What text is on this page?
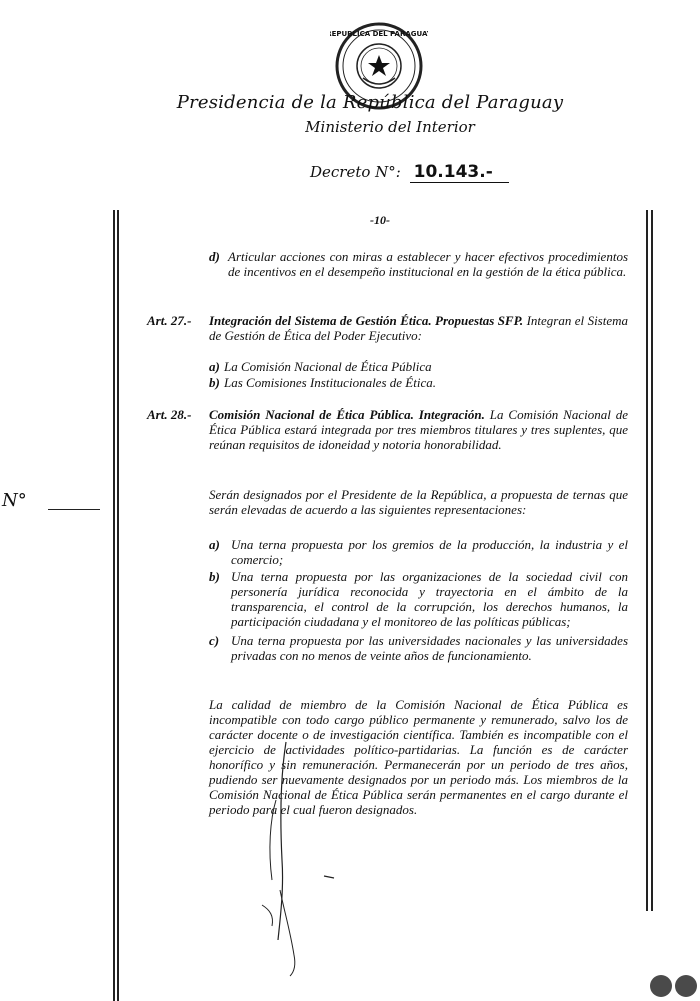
REPUBLICA DEL PARAGUAY
Presidencia de la República del Paraguay
Ministerio del Interior
Decreto N°: 10.143.-
-10-
N°
d) Articular acciones con miras a establecer y hacer efectivos procedimientos de incentivos en el desempeño institucional en la gestión de la ética pública.
Art. 27.- Integración del Sistema de Gestión Ética. Propuestas SFP. Integran el Sistema de Gestión de Ética del Poder Ejecutivo:
a) La Comisión Nacional de Ética Pública
b) Las Comisiones Institucionales de Ética.
Art. 28.- Comisión Nacional de Ética Pública. Integración. La Comisión Nacional de Ética Pública estará integrada por tres miembros titulares y tres suplentes, que reúnan requisitos de idoneidad y notoria honorabilidad.
Serán designados por el Presidente de la República, a propuesta de ternas que serán elevadas de acuerdo a las siguientes representaciones:
a) Una terna propuesta por los gremios de la producción, la industria y el comercio;
b) Una terna propuesta por las organizaciones de la sociedad civil con personería jurídica reconocida y trayectoria en el ámbito de la transparencia, el control de la corrupción, los derechos humanos, la participación ciudadana y el monitoreo de las políticas públicas;
c) Una terna propuesta por las universidades nacionales y las universidades privadas con no menos de veinte años de funcionamiento.
La calidad de miembro de la Comisión Nacional de Ética Pública es incompatible con todo cargo público permanente y remunerado, salvo los de carácter docente o de investigación científica. También es incompatible con el ejercicio de actividades político-partidarias. La función es de carácter honorífico y sin remuneración. Permanecerán por un periodo de tres años, pudiendo ser nuevamente designados por un periodo más. Los miembros de la Comisión Nacional de Ética Pública serán permanentes en el cargo durante el periodo para el cual fueron designados.
